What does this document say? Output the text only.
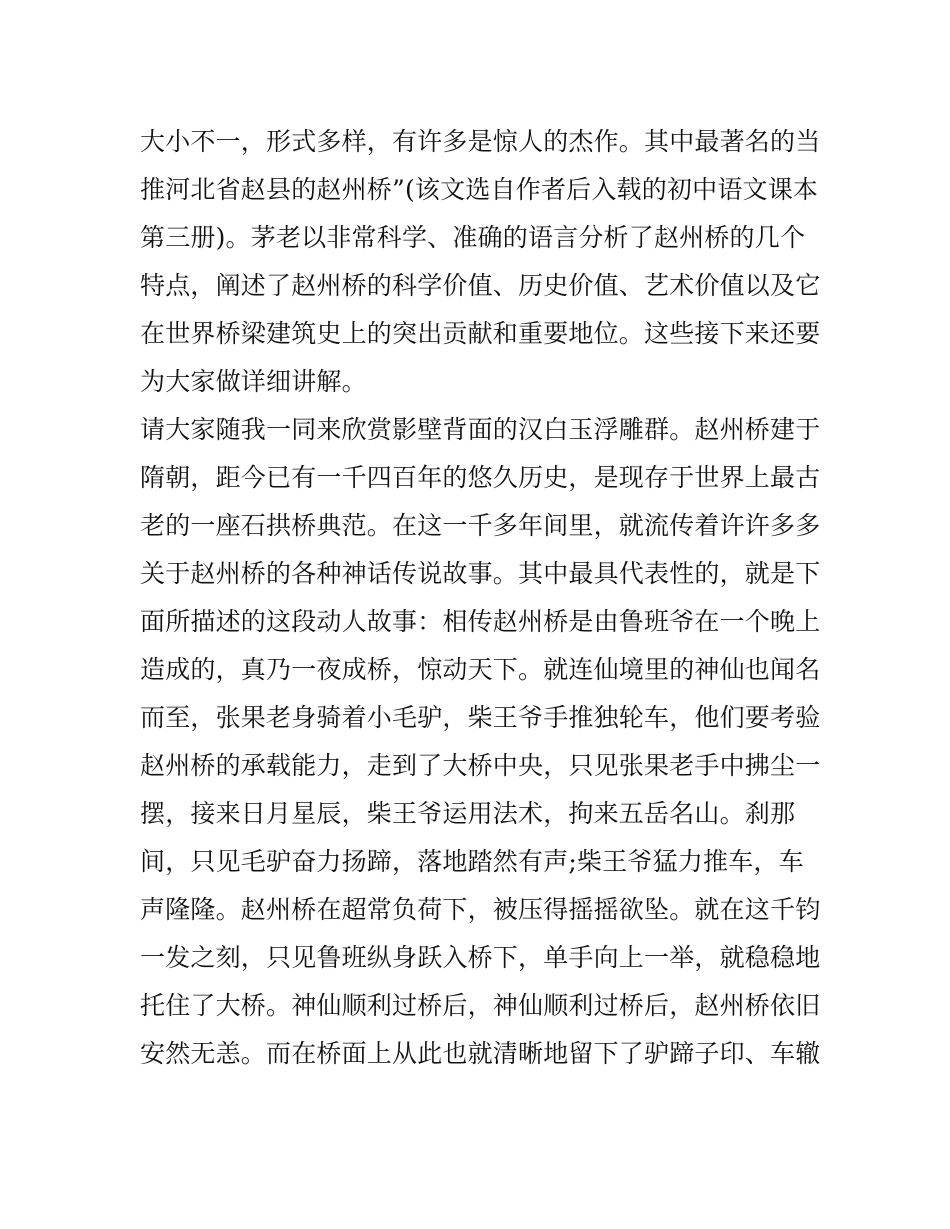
大小不一，形式多样，有许多是惊人的杰作。其中最著名的当
推河北省赵县的赵州桥”(该文选自作者后入载的初中语文课本
第三册)。茅老以非常科学、准确的语言分析了赵州桥的几个
特点，阐述了赵州桥的科学价值、历史价值、艺术价值以及它
在世界桥梁建筑史上的突出贡献和重要地位。这些接下来还要
为大家做详细讲解。
请大家随我一同来欣赏影壁背面的汉白玉浮雕群。赵州桥建于
隋朝，距今已有一千四百年的悠久历史，是现存于世界上最古
老的一座石拱桥典范。在这一千多年间里，就流传着许许多多
关于赵州桥的各种神话传说故事。其中最具代表性的，就是下
面所描述的这段动人故事：相传赵州桥是由鲁班爷在一个晚上
造成的，真乃一夜成桥，惊动天下。就连仙境里的神仙也闻名
而至，张果老身骑着小毛驴，柴王爷手推独轮车，他们要考验
赵州桥的承载能力，走到了大桥中央，只见张果老手中拂尘一
摆，接来日月星辰，柴王爷运用法术，拘来五岳名山。刹那
间，只见毛驴奋力扬蹄，落地踏然有声;柴王爷猛力推车，车
声隆隆。赵州桥在超常负荷下，被压得摇摇欲坠。就在这千钧
一发之刻，只见鲁班纵身跃入桥下，单手向上一举，就稳稳地
托住了大桥。神仙顺利过桥后，神仙顺利过桥后，赵州桥依旧
安然无恙。而在桥面上从此也就清晰地留下了驴蹄子印、车辙
